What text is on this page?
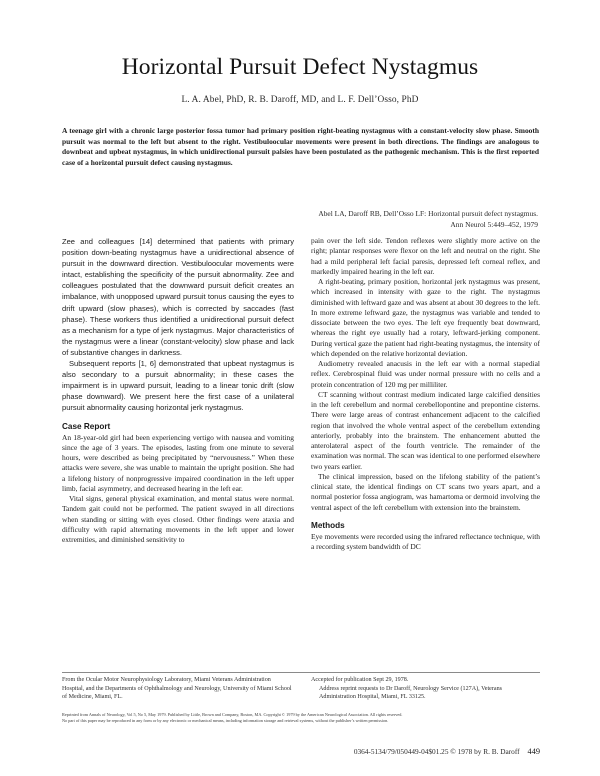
Horizontal Pursuit Defect Nystagmus
L. A. Abel, PhD, R. B. Daroff, MD, and L. F. Dell’Osso, PhD
A teenage girl with a chronic large posterior fossa tumor had primary position right-beating nystagmus with a constant-velocity slow phase. Smooth pursuit was normal to the left but absent to the right. Vestibuloocular movements were present in both directions. The findings are analogous to downbeat and upbeat nystagmus, in which unidirectional pursuit palsies have been postulated as the pathogenic mechanism. This is the first reported case of a horizontal pursuit defect causing nystagmus.
Abel LA, Daroff RB, Dell’Osso LF: Horizontal pursuit defect nystagmus.
Ann Neurol 5:449–452, 1979

Zee and colleagues [14] determined that patients with primary position down-beating nystagmus have a unidirectional absence of pursuit in the downward direction. Vestibuloocular movements were intact, establishing the specificity of the pursuit abnormality. Zee and colleagues postulated that the downward pursuit deficit creates an imbalance, with unopposed upward pursuit tonus causing the eyes to drift upward (slow phases), which is corrected by saccades (fast phase). These workers thus identified a unidirectional pursuit defect as a mechanism for a type of jerk nystagmus. Major characteristics of the nystagmus were a linear (constant-velocity) slow phase and lack of substantive changes in darkness.

Subsequent reports [1, 6] demonstrated that upbeat nystagmus is also secondary to a pursuit abnormality; in these cases the impairment is in upward pursuit, leading to a linear tonic drift (slow phase downward). We present here the first case of a unilateral pursuit abnormality causing horizontal jerk nystagmus.

Case Report

An 18-year-old girl had been experiencing vertigo with nausea and vomiting since the age of 3 years. The episodes, lasting from one minute to several hours, were described as being precipitated by “nervousness.” When these attacks were severe, she was unable to maintain the upright position. She had a lifelong history of nonprogressive impaired coordination in the left upper limb, facial asymmetry, and decreased hearing in the left ear.

Vital signs, general physical examination, and mental status were normal. Tandem gait could not be performed. The patient swayed in all directions when standing or sitting with eyes closed. Other findings were ataxia and difficulty with rapid alternating movements in the left upper and lower extremities, and diminished sensitivity to

pain over the left side. Tendon reflexes were slightly more active on the right; plantar responses were flexor on the left and neutral on the right. She had a mild peripheral left facial paresis, depressed left corneal reflex, and markedly impaired hearing in the left ear.

A right-beating, primary position, horizontal jerk nystagmus was present, which increased in intensity with gaze to the right. The nystagmus diminished with leftward gaze and was absent at about 30 degrees to the left. In more extreme leftward gaze, the nystagmus was variable and tended to dissociate between the two eyes. The left eye frequently beat downward, whereas the right eye usually had a rotary, leftward-jerking component. During vertical gaze the patient had right-beating nystagmus, the intensity of which depended on the relative horizontal deviation.

Audiometry revealed anacusis in the left ear with a normal stapedial reflex. Cerebrospinal fluid was under normal pressure with no cells and a protein concentration of 120 mg per milliliter.

CT scanning without contrast medium indicated large calcified densities in the left cerebellum and normal cerebellopontine and prepontine cisterns. There were large areas of contrast enhancement adjacent to the calcified region that involved the whole ventral aspect of the cerebellum extending anteriorly, probably into the brainstem. The enhancement abutted the anterolateral aspect of the fourth ventricle. The remainder of the examination was normal. The scan was identical to one performed elsewhere two years earlier.

The clinical impression, based on the lifelong stability of the patient’s clinical state, the identical findings on CT scans two years apart, and a normal posterior fossa angiogram, was hamartoma or dermoid involving the ventral aspect of the left cerebellum with extension into the brainstem.

Methods

Eye movements were recorded using the infrared reflectance technique, with a recording system bandwidth of DC

From the Ocular Motor Neurophysiology Laboratory, Miami Veterans Administration Hospital, and the Departments of Ophthalmology and Neurology, University of Miami School of Medicine, Miami, FL.
Accepted for publication Sept 29, 1978.
Address reprint requests to Dr Daroff, Neurology Service (127A), Veterans Administration Hospital, Miami, FL 33125.
Reprinted from Annals of Neurology, Vol 5, No 5, May 1979. Published by Little, Brown and Company, Boston, MA. Copyright © 1979 by the American Neurological Association. All rights reserved.
No part of this paper may be reproduced in any form or by any electronic or mechanical means, including information storage and retrieval systems, without the publisher’s written permission.
0364-5134/79/050449-04$01.25 © 1978 by R. B. Daroff 449
